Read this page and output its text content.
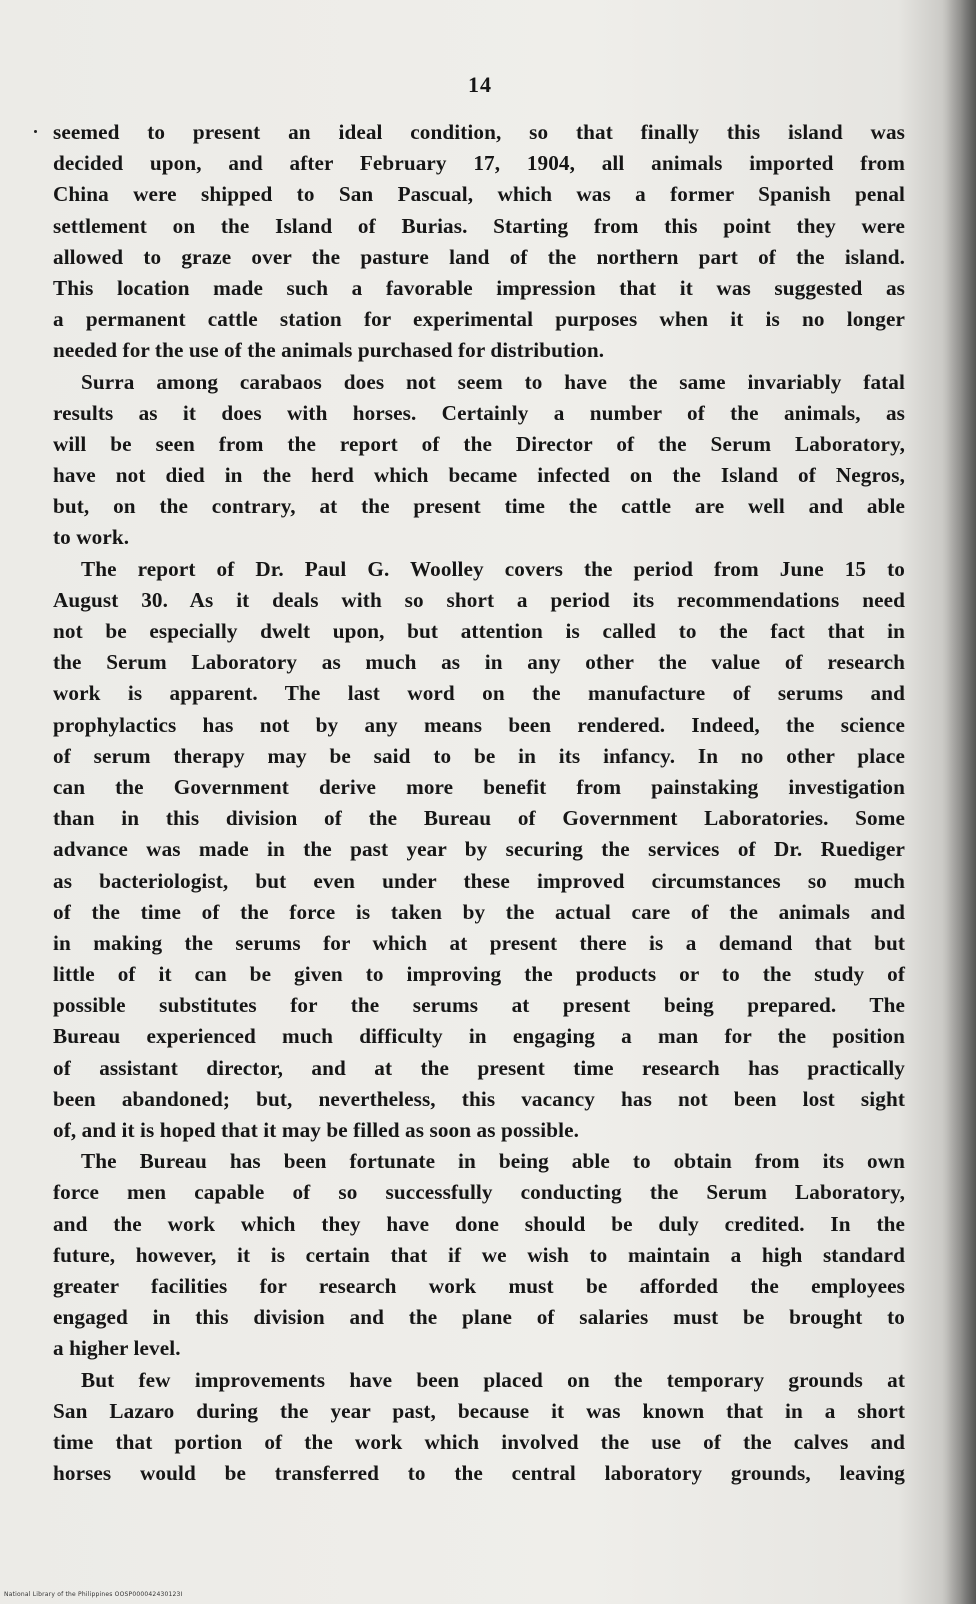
14
seemed to present an ideal condition, so that finally this island was
decided upon, and after February 17, 1904, all animals imported from
China were shipped to San Pascual, which was a former Spanish penal
settlement on the Island of Burias. Starting from this point they were
allowed to graze over the pasture land of the northern part of the island.
This location made such a favorable impression that it was suggested as
a permanent cattle station for experimental purposes when it is no longer
needed for the use of the animals purchased for distribution.
Surra among carabaos does not seem to have the same invariably fatal
results as it does with horses. Certainly a number of the animals, as
will be seen from the report of the Director of the Serum Laboratory,
have not died in the herd which became infected on the Island of Negros,
but, on the contrary, at the present time the cattle are well and able
to work.
The report of Dr. Paul G. Woolley covers the period from June 15 to
August 30. As it deals with so short a period its recommendations need
not be especially dwelt upon, but attention is called to the fact that in
the Serum Laboratory as much as in any other the value of research
work is apparent. The last word on the manufacture of serums and
prophylactics has not by any means been rendered. Indeed, the science
of serum therapy may be said to be in its infancy. In no other place
can the Government derive more benefit from painstaking investigation
than in this division of the Bureau of Government Laboratories. Some
advance was made in the past year by securing the services of Dr. Ruediger
as bacteriologist, but even under these improved circumstances so much
of the time of the force is taken by the actual care of the animals and
in making the serums for which at present there is a demand that but
little of it can be given to improving the products or to the study of
possible substitutes for the serums at present being prepared. The
Bureau experienced much difficulty in engaging a man for the position
of assistant director, and at the present time research has practically
been abandoned; but, nevertheless, this vacancy has not been lost sight
of, and it is hoped that it may be filled as soon as possible.
The Bureau has been fortunate in being able to obtain from its own
force men capable of so successfully conducting the Serum Laboratory,
and the work which they have done should be duly credited. In the
future, however, it is certain that if we wish to maintain a high standard
greater facilities for research work must be afforded the employees
engaged in this division and the plane of salaries must be brought to
a higher level.
But few improvements have been placed on the temporary grounds at
San Lazaro during the year past, because it was known that in a short
time that portion of the work which involved the use of the calves and
horses would be transferred to the central laboratory grounds, leaving
National Library of the Philippines OOSP000042430123I
